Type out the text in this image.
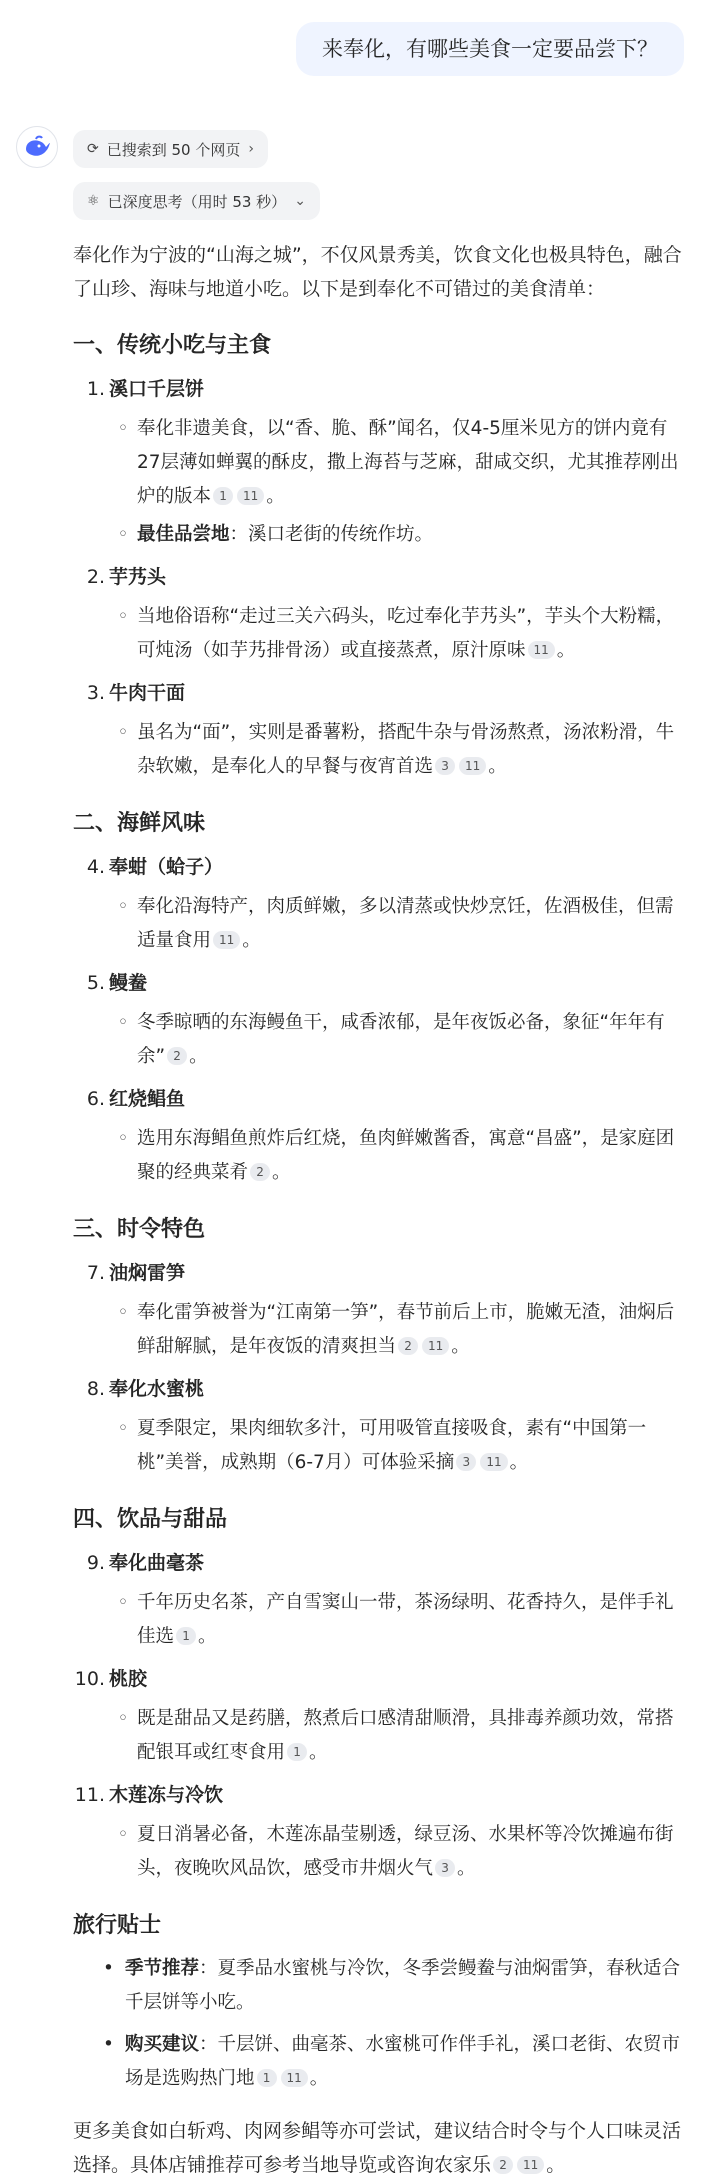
来奉化，有哪些美食一定要品尝下？
⟳ 已搜索到 50 个网页 ›
⚛ 已深度思考（用时 53 秒） ⌄

奉化作为宁波的“山海之城”，不仅风景秀美，饮食文化也极具特色，融合了山珍、海味与地道小吃。以下是到奉化不可错过的美食清单：

一、传统小吃与主食
1. 溪口千层饼
◦ 奉化非遗美食，以“香、脆、酥”闻名，仅4-5厘米见方的饼内竟有27层薄如蝉翼的酥皮，撒上海苔与芝麻，甜咸交织，尤其推荐刚出炉的版本 1 11 。
◦ 最佳品尝地：溪口老街的传统作坊。
2. 芋艿头
◦ 当地俗语称“走过三关六码头，吃过奉化芋艿头”，芋头个大粉糯，可炖汤（如芋艿排骨汤）或直接蒸煮，原汁原味 11 。
3. 牛肉干面
◦ 虽名为“面”，实则是番薯粉，搭配牛杂与骨汤熬煮，汤浓粉滑，牛杂软嫩，是奉化人的早餐与夜宵首选 3 11 。
二、海鲜风味
4. 奉蚶（蛤子）
◦ 奉化沿海特产，肉质鲜嫩，多以清蒸或快炒烹饪，佐酒极佳，但需适量食用 11 。
5. 鳗鲞
◦ 冬季晾晒的东海鳗鱼干，咸香浓郁，是年夜饭必备，象征“年年有余” 2 。
6. 红烧鲳鱼
◦ 选用东海鲳鱼煎炸后红烧，鱼肉鲜嫩酱香，寓意“昌盛”，是家庭团聚的经典菜肴 2 。
三、时令特色
7. 油焖雷笋
◦ 奉化雷笋被誉为“江南第一笋”，春节前后上市，脆嫩无渣，油焖后鲜甜解腻，是年夜饭的清爽担当 2 11 。
8. 奉化水蜜桃
◦ 夏季限定，果肉细软多汁，可用吸管直接吸食，素有“中国第一桃”美誉，成熟期（6-7月）可体验采摘 3 11 。
四、饮品与甜品
9. 奉化曲毫茶
◦ 千年历史名茶，产自雪窦山一带，茶汤绿明、花香持久，是伴手礼佳选 1 。
10. 桃胶
◦ 既是甜品又是药膳，熬煮后口感清甜顺滑，具排毒养颜功效，常搭配银耳或红枣食用 1 。
11. 木莲冻与冷饮
◦ 夏日消暑必备，木莲冻晶莹剔透，绿豆汤、水果杯等冷饮摊遍布街头，夜晚吹风品饮，感受市井烟火气 3 。
旅行贴士
• 季节推荐：夏季品水蜜桃与冷饮，冬季尝鳗鲞与油焖雷笋，春秋适合千层饼等小吃。
• 购买建议：千层饼、曲毫茶、水蜜桃可作伴手礼，溪口老街、农贸市场是选购热门地 1 11 。

更多美食如白斩鸡、肉网参鲳等亦可尝试，建议结合时令与个人口味灵活选择。具体店铺推荐可参考当地导览或咨询农家乐 2 11 。
